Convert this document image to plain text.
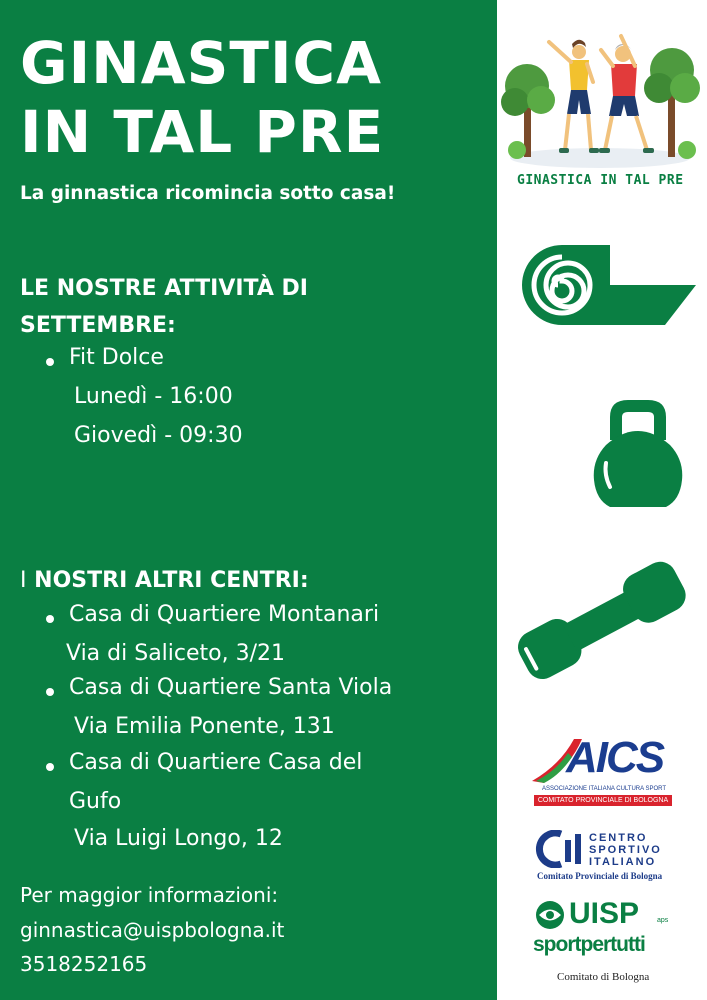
GINASTICA
IN TAL PRE
La ginnastica ricomincia sotto casa!
LE NOSTRE ATTIVITÀ DI
SETTEMBRE:
Fit Dolce
Lunedì - 16:00
Giovedì - 09:30
I NOSTRI ALTRI CENTRI:
Casa di Quartiere Montanari
Via di Saliceto, 3/21
Casa di Quartiere Santa Viola
Via Emilia Ponente, 131
Casa di Quartiere Casa del
Gufo
Via Luigi Longo, 12
Per maggior informazioni:
ginnastica@uispbologna.it
3518252165
GINASTICA IN TAL PRE
AICS
ASSOCIAZIONE ITALIANA CULTURA SPORT
COMITATO PROVINCIALE DI BOLOGNA
CENTRO
SPORTIVO
ITALIANO
Comitato Provinciale di Bologna
UISP	aps
sportpertutti
Comitato di Bologna
